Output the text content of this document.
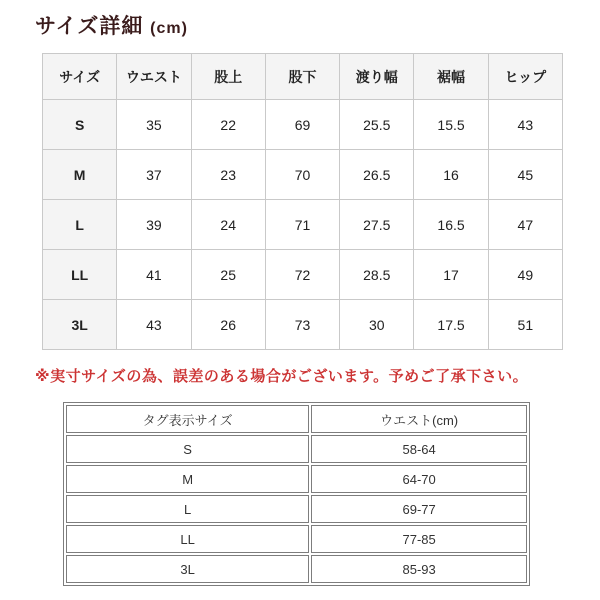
サイズ詳細 (cm)
サイズ	ウエスト	股上	股下	渡り幅	裾幅	ヒップ
S	35	22	69	25.5	15.5	43
M	37	23	70	26.5	16	45
L	39	24	71	27.5	16.5	47
LL	41	25	72	28.5	17	49
3L	43	26	73	30	17.5	51

※実寸サイズの為、誤差のある場合がございます。予めご了承下さい。

タグ表示サイズ	ウエスト(cm)
S	58-64
M	64-70
L	69-77
LL	77-85
3L	85-93
